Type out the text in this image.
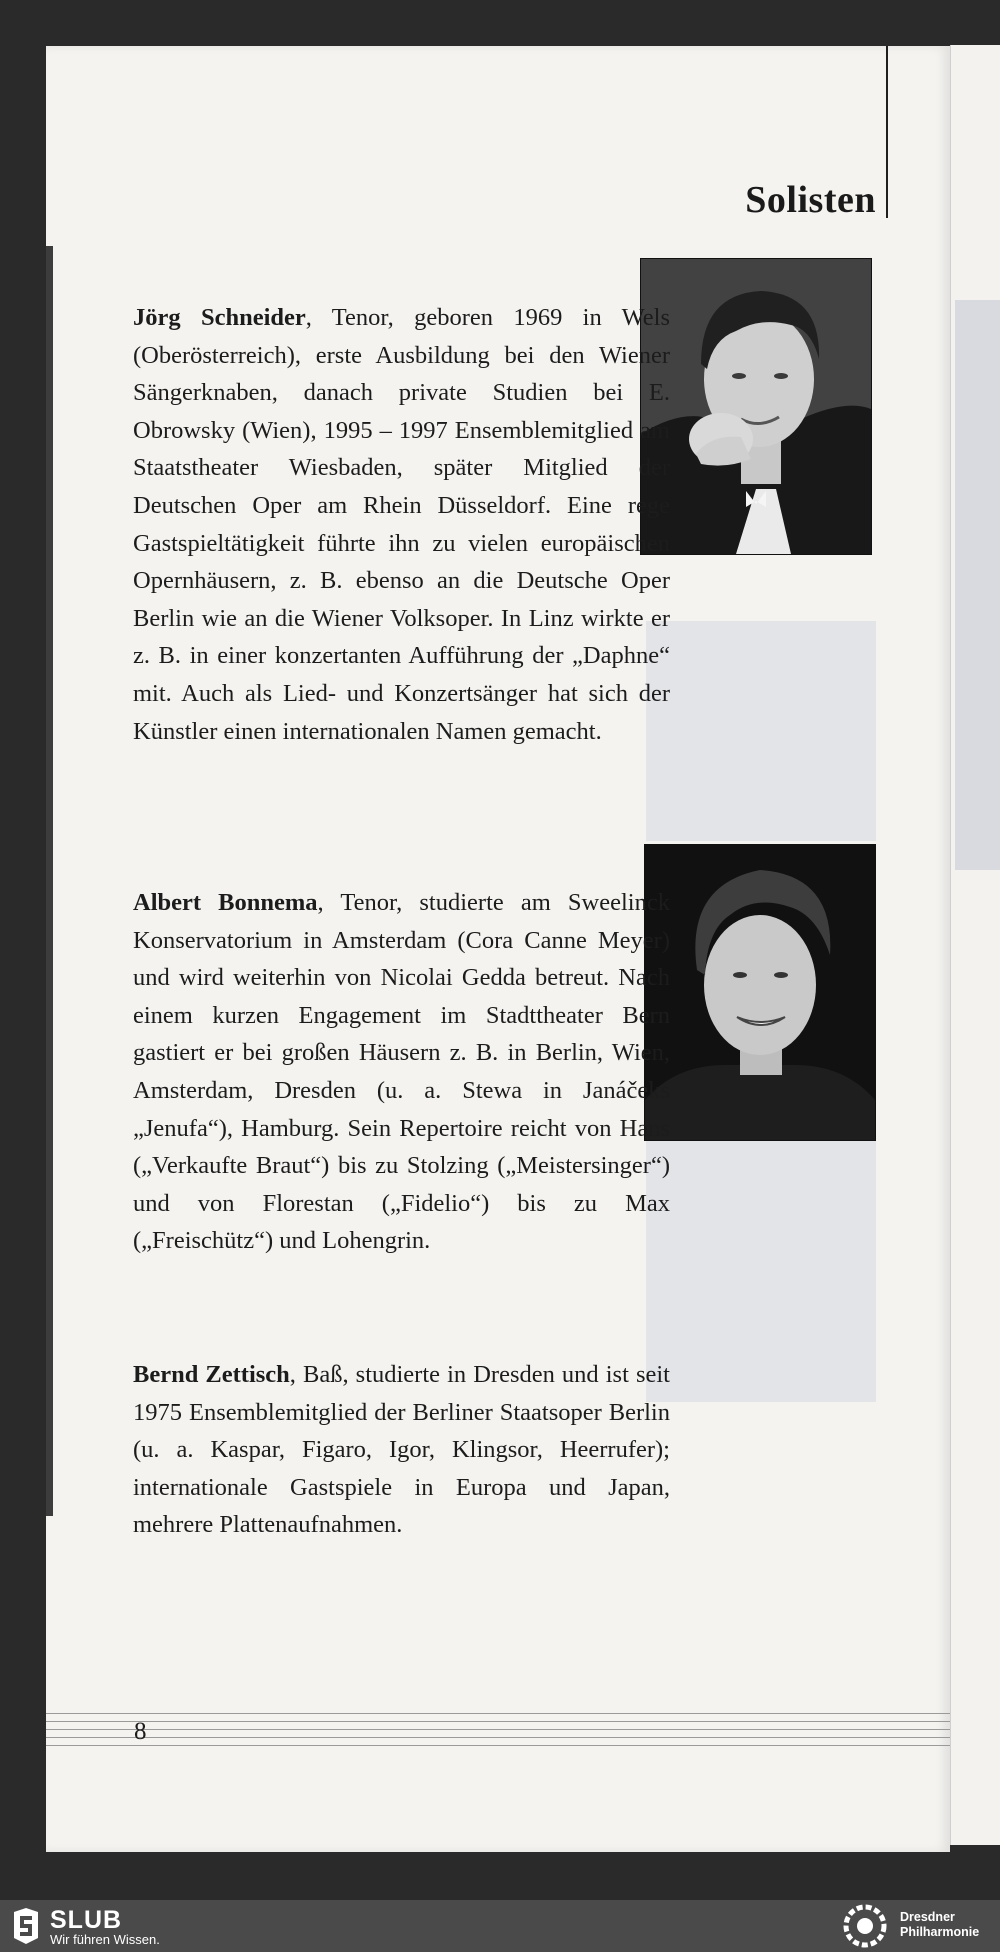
Solisten
Jörg Schneider, Tenor, geboren 1969 in Wels (Oberösterreich), erste Ausbildung bei den Wiener Sängerknaben, danach private Studien bei E. Obrowsky (Wien), 1995 – 1997 Ensemblemitglied am Staatstheater Wiesbaden, später Mitglied der Deutschen Oper am Rhein Düsseldorf. Eine rege Gastspieltätigkeit führte ihn zu vielen europäischen Opernhäusern, z. B. ebenso an die Deutsche Oper Berlin wie an die Wiener Volksoper. In Linz wirkte er z. B. in einer konzertanten Aufführung der „Daphne“ mit. Auch als Lied- und Konzertsänger hat sich der Künstler einen internationalen Namen gemacht.
Albert Bonnema, Tenor, studierte am Sweelinck Konservatorium in Amsterdam (Cora Canne Meyer) und wird weiterhin von Nicolai Gedda betreut. Nach einem kurzen Engagement im Stadttheater Bern gastiert er bei großen Häusern z. B. in Berlin, Wien, Amsterdam, Dresden (u. a. Stewa in Janáčeks „Jenufa“), Hamburg. Sein Repertoire reicht von Hans („Verkaufte Braut“) bis zu Stolzing („Meistersinger“) und von Florestan („Fidelio“) bis zu Max („Freischütz“) und Lohengrin.
Bernd Zettisch, Baß, studierte in Dresden und ist seit 1975 Ensemblemitglied der Berliner Staatsoper Berlin (u. a. Kaspar, Figaro, Igor, Klingsor, Heerrufer); internationale Gastspiele in Europa und Japan, mehrere Plattenaufnahmen.
8
SLUB
Wir führen Wissen.
Dresdner Philharmonie
